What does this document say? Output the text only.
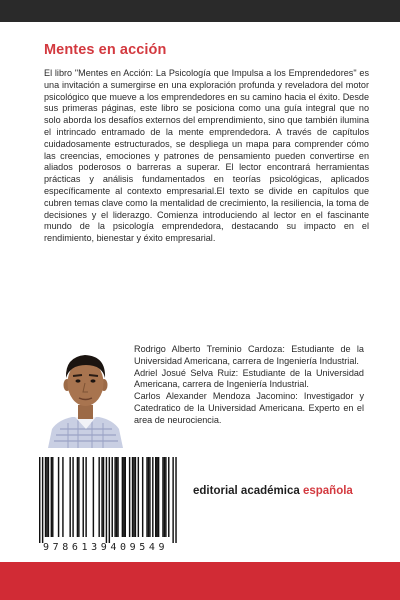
Mentes en acción
El libro "Mentes en Acción: La Psicología que Impulsa a los Emprendedores" es una invitación a sumergirse en una exploración profunda y reveladora del motor psicológico que mueve a los emprendedores en su camino hacia el éxito. Desde sus primeras páginas, este libro se posiciona como una guía integral que no solo aborda los desafíos externos del emprendimiento, sino que también ilumina el intrincado entramado de la mente emprendedora. A través de capítulos cuidadosamente estructurados, se despliega un mapa para comprender cómo las creencias, emociones y patrones de pensamiento pueden convertirse en aliados poderosos o barreras a superar. El lector encontrará herramientas prácticas y análisis fundamentados en teorías psicológicas, aplicados específicamente al contexto empresarial.El texto se divide en capítulos que cubren temas clave como la mentalidad de crecimiento, la resiliencia, la toma de decisiones y el liderazgo. Comienza introduciendo al lector en el fascinante mundo de la psicología emprendedora, destacando su impacto en el rendimiento, bienestar y éxito empresarial.

Rodrigo Alberto Treminio Cardoza: Estudiante de la Universidad Americana, carrera de Ingeniería Industrial.

Adriel Josué Selva Ruiz: Estudiante de la Universidad Americana, carrera de Ingeniería Industrial.

Carlos Alexander Mendoza Jacomino: Investigador y Catedratico de la Universidad Americana. Experto en el area de neurociencia.

9786139409549
editorial académica española
